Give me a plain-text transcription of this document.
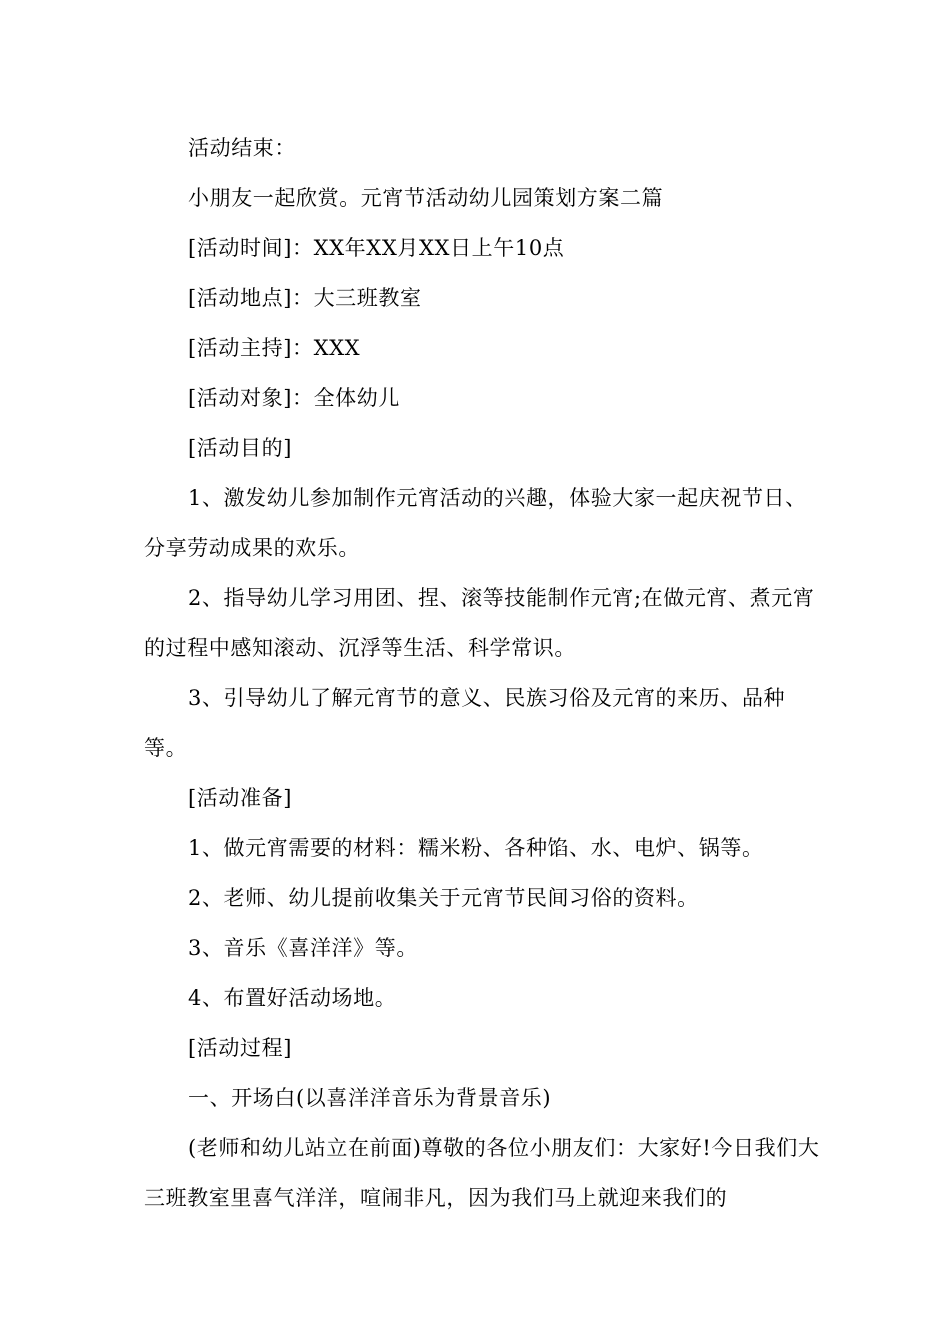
活动结束：

小朋友一起欣赏。元宵节活动幼儿园策划方案二篇

[活动时间]：XX年XX月XX日上午10点

[活动地点]：大三班教室

[活动主持]：XXX

[活动对象]：全体幼儿

[活动目的]

1、激发幼儿参加制作元宵活动的兴趣，体验大家一起庆祝节日、分享劳动成果的欢乐。

2、指导幼儿学习用团、捏、滚等技能制作元宵;在做元宵、煮元宵的过程中感知滚动、沉浮等生活、科学常识。

3、引导幼儿了解元宵节的意义、民族习俗及元宵的来历、品种等。

[活动准备]

1、做元宵需要的材料：糯米粉、各种馅、水、电炉、锅等。

2、老师、幼儿提前收集关于元宵节民间习俗的资料。

3、音乐《喜洋洋》等。

4、布置好活动场地。

[活动过程]

一、开场白(以喜洋洋音乐为背景音乐)

(老师和幼儿站立在前面)尊敬的各位小朋友们：大家好!今日我们大三班教室里喜气洋洋，喧闹非凡，因为我们马上就迎来我们的
